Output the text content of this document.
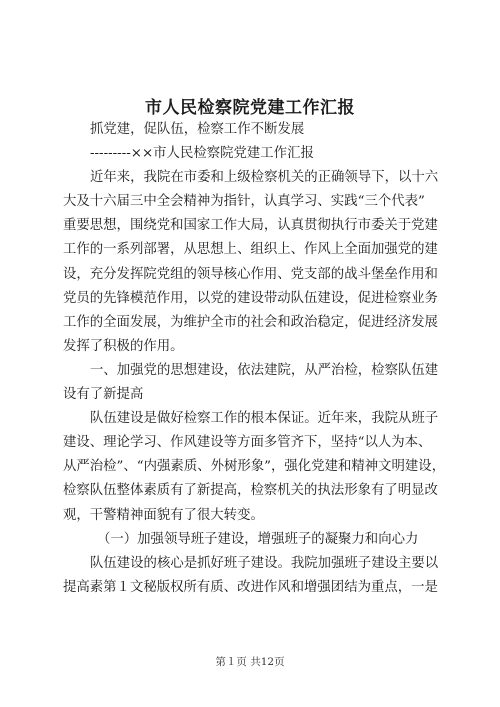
市人民检察院党建工作汇报
抓党建，促队伍，检察工作不断发展
---------××市人民检察院党建工作汇报
近年来，我院在市委和上级检察机关的正确领导下，以十六
大及十六届三中全会精神为指针，认真学习、实践“三个代表”
重要思想，围绕党和国家工作大局，认真贯彻执行市委关于党建
工作的一系列部署，从思想上、组织上、作风上全面加强党的建
设，充分发挥院党组的领导核心作用、党支部的战斗堡垒作用和
党员的先锋模范作用，以党的建设带动队伍建设，促进检察业务
工作的全面发展，为维护全市的社会和政治稳定，促进经济发展
发挥了积极的作用。
一、加强党的思想建设，依法建院，从严治检，检察队伍建
设有了新提高
队伍建设是做好检察工作的根本保证。近年来，我院从班子
建设、理论学习、作风建设等方面多管齐下，坚持“以人为本、
从严治检”、“内强素质、外树形象”，强化党建和精神文明建设，
检察队伍整体素质有了新提高，检察机关的执法形象有了明显改
观，干警精神面貌有了很大转变。
（一）加强领导班子建设，增强班子的凝聚力和向心力
队伍建设的核心是抓好班子建设。我院加强班子建设主要以
提高素第１文秘版权所有质、改进作风和增强团结为重点，一是
第１页 共12页
